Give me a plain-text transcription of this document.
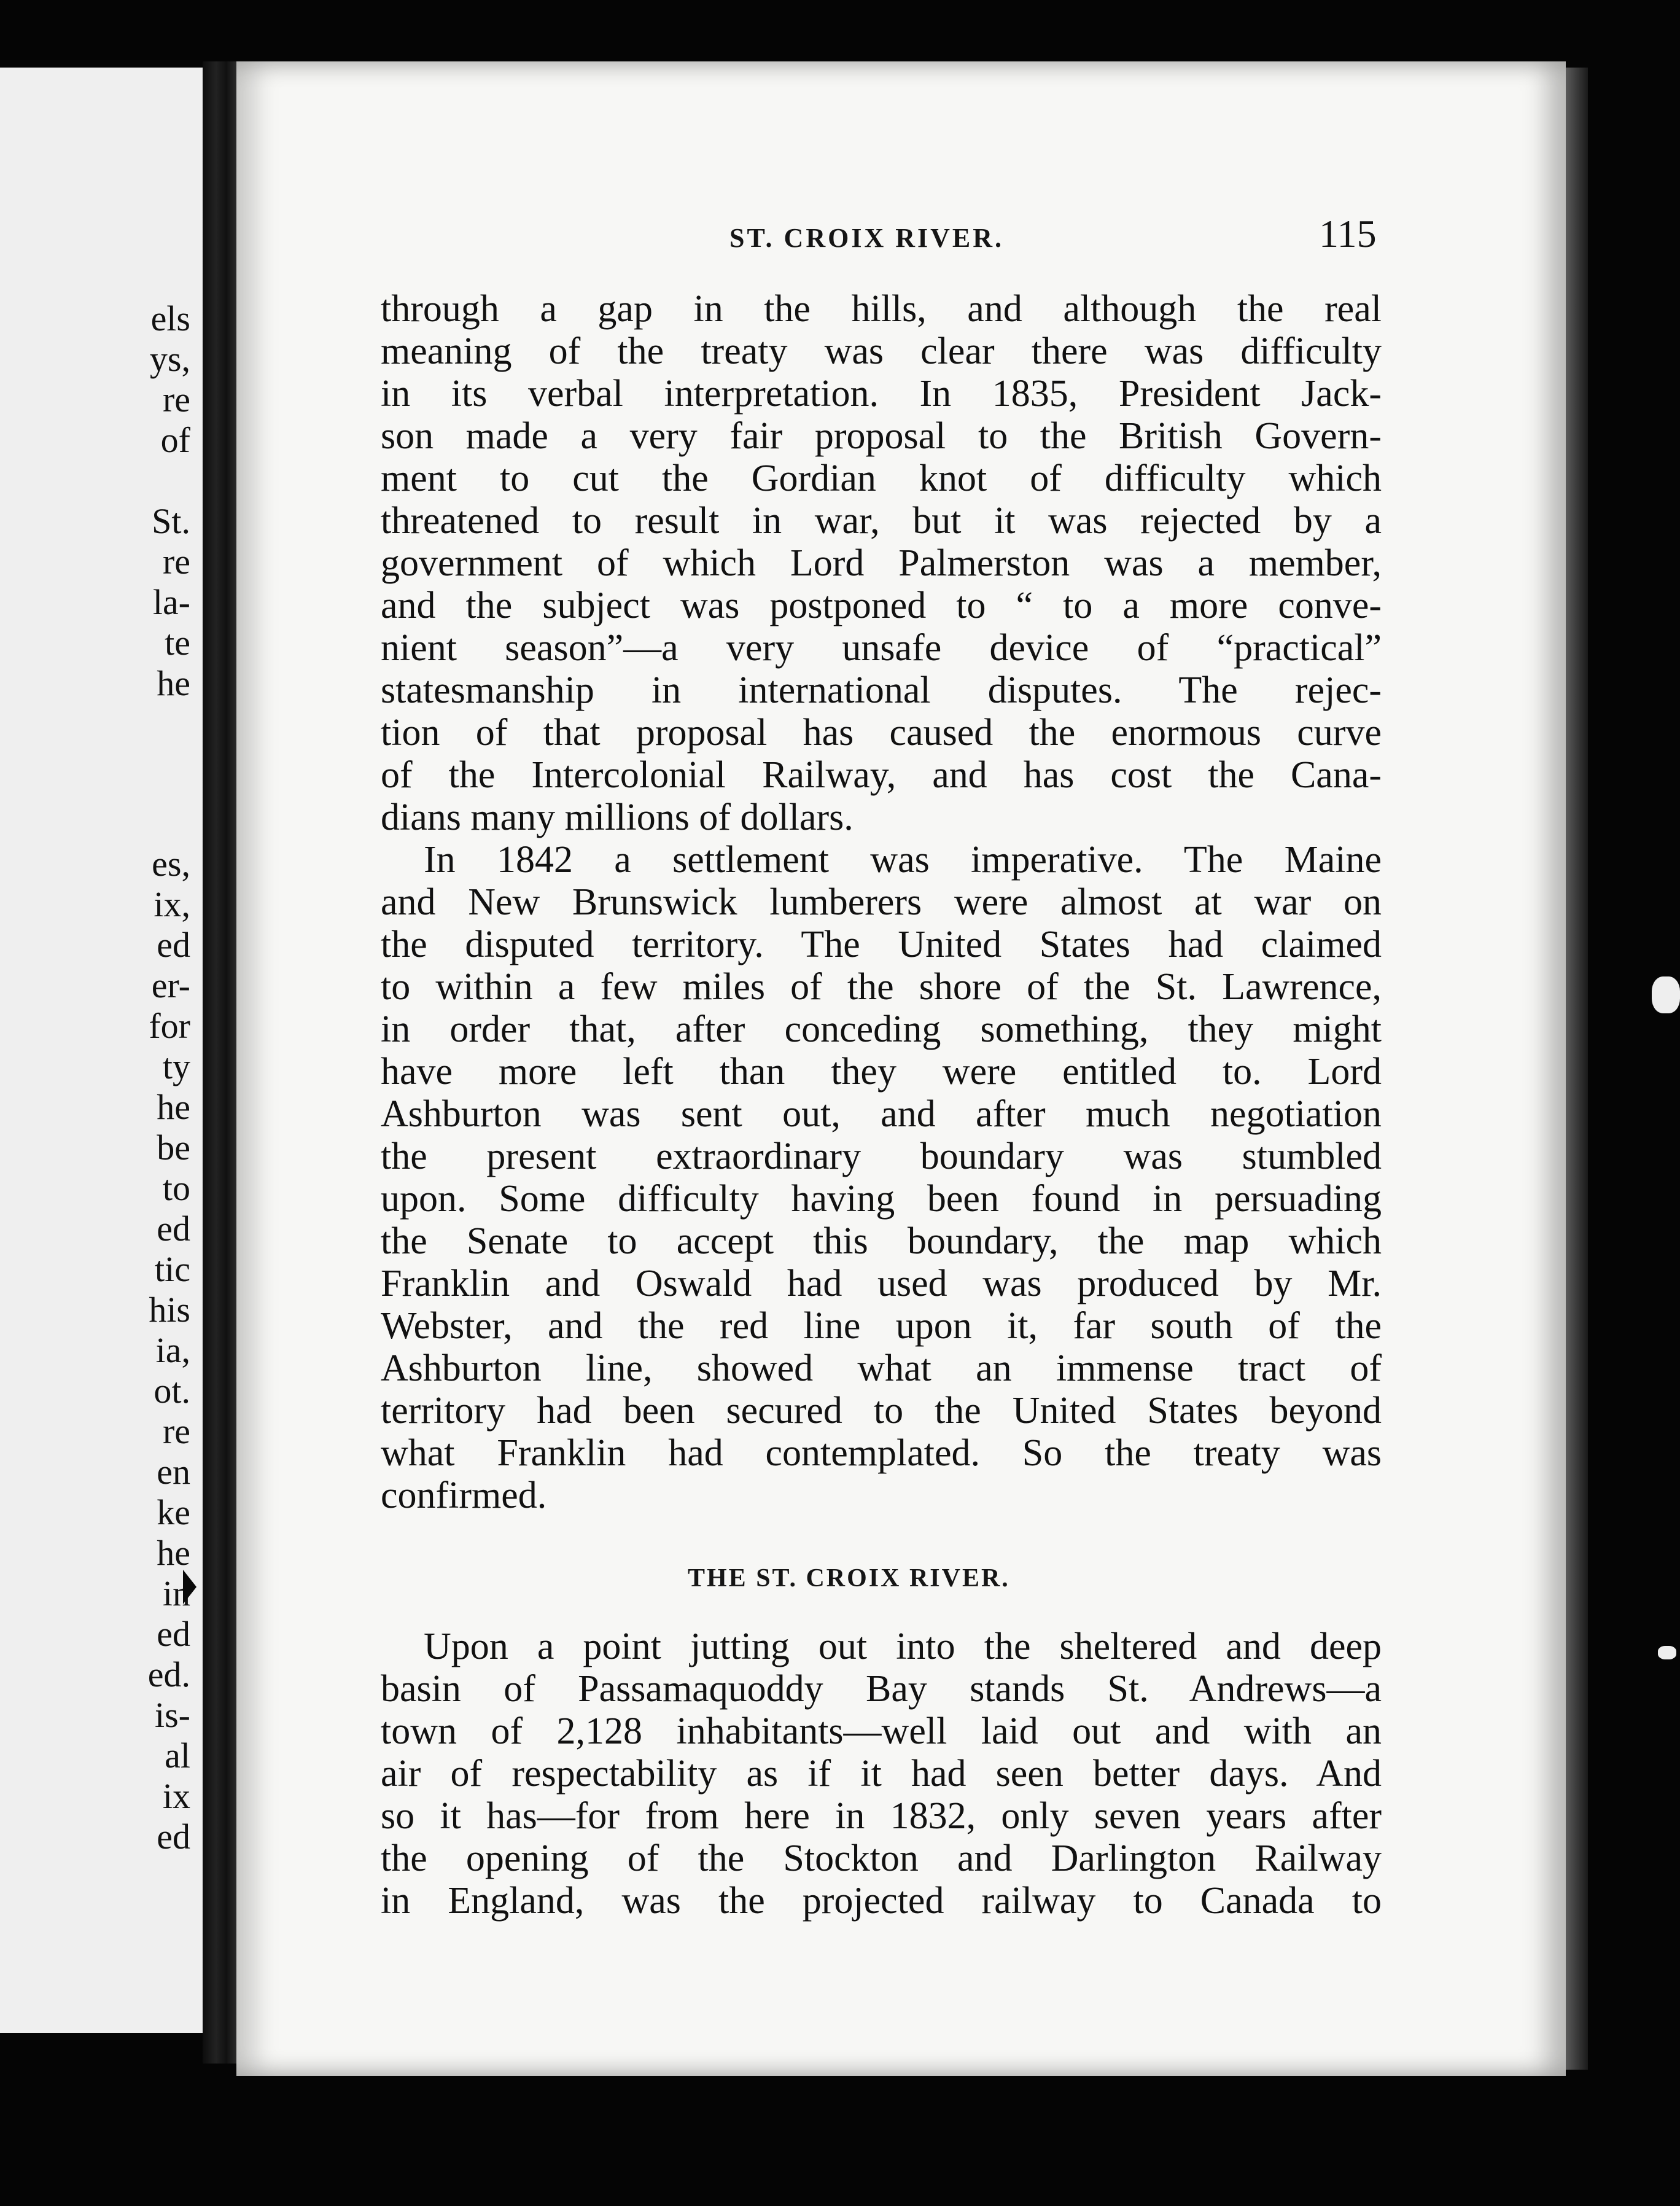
els
ys,
re
of
St.
re
la-
te
he
es,
ix,
ed
er-
for
ty
he
be
to
ed
tic
his
ia,
ot.
re
en
ke
he
in
ed
ed.
is-
al
ix
ed
ST. CROIX RIVER.	115
through a gap in the hills, and although the real
meaning of the treaty was clear there was difficulty
in its verbal interpretation. In 1835, President Jack-
son made a very fair proposal to the British Govern-
ment to cut the Gordian knot of difficulty which
threatened to result in war, but it was rejected by a
government of which Lord Palmerston was a member,
and the subject was postponed to “ to a more conve-
nient season”—a very unsafe device of “practical”
statesmanship in international disputes. The rejec-
tion of that proposal has caused the enormous curve
of the Intercolonial Railway, and has cost the Cana-
dians many millions of dollars.
In 1842 a settlement was imperative. The Maine
and New Brunswick lumberers were almost at war on
the disputed territory. The United States had claimed
to within a few miles of the shore of the St. Lawrence,
in order that, after conceding something, they might
have more left than they were entitled to. Lord
Ashburton was sent out, and after much negotiation
the present extraordinary boundary was stumbled
upon. Some difficulty having been found in persuading
the Senate to accept this boundary, the map which
Franklin and Oswald had used was produced by Mr.
Webster, and the red line upon it, far south of the
Ashburton line, showed what an immense tract of
territory had been secured to the United States beyond
what Franklin had contemplated. So the treaty was
confirmed.
THE ST. CROIX RIVER.
Upon a point jutting out into the sheltered and deep
basin of Passamaquoddy Bay stands St. Andrews—a
town of 2,128 inhabitants—well laid out and with an
air of respectability as if it had seen better days. And
so it has—for from here in 1832, only seven years after
the opening of the Stockton and Darlington Railway
in England, was the projected railway to Canada to
